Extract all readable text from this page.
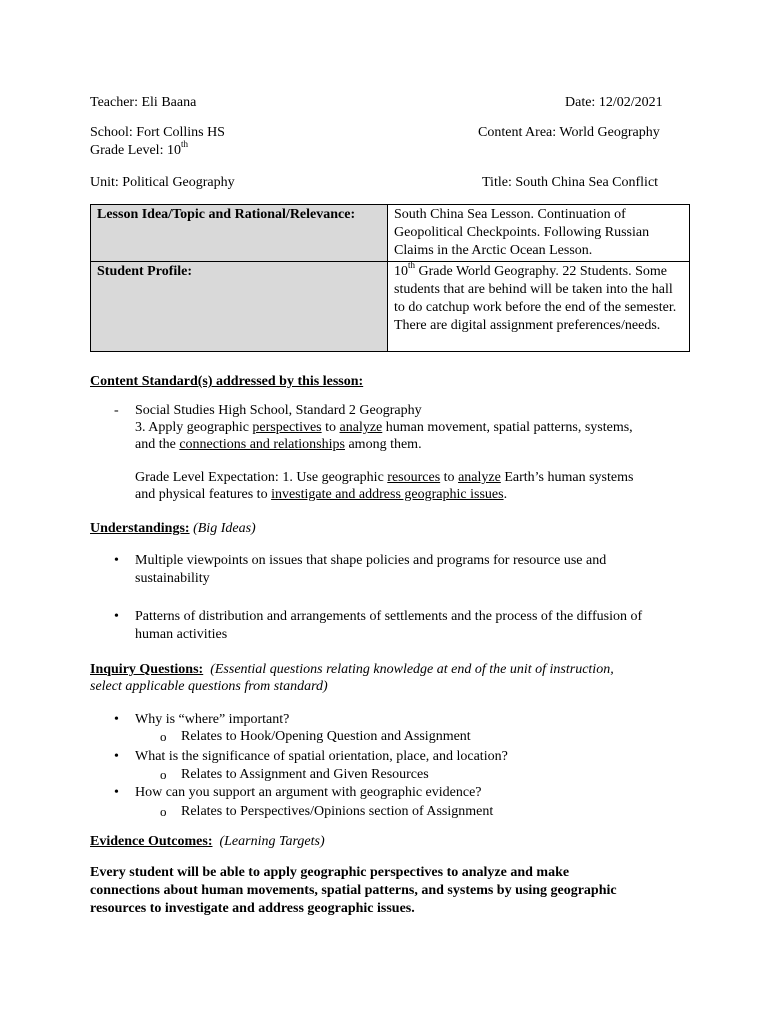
Teacher: Eli Baana	Date: 12/02/2021
School: Fort Collins HS	Content Area: World Geography
Grade Level: 10th
Unit: Political Geography	Title: South China Sea Conflict
Lesson Idea/Topic and Rational/Relevance:	South China Sea Lesson. Continuation of Geopolitical Checkpoints. Following Russian Claims in the Arctic Ocean Lesson.
Student Profile:	10th Grade World Geography. 22 Students. Some students that are behind will be taken into the hall to do catchup work before the end of the semester. There are digital assignment preferences/needs.
Content Standard(s) addressed by this lesson:
- Social Studies High School, Standard 2 Geography
3. Apply geographic perspectives to analyze human movement, spatial patterns, systems,
and the connections and relationships among them.
Grade Level Expectation: 1. Use geographic resources to analyze Earth’s human systems
and physical features to investigate and address geographic issues.
Understandings: (Big Ideas)
• Multiple viewpoints on issues that shape policies and programs for resource use and sustainability
• Patterns of distribution and arrangements of settlements and the process of the diffusion of human activities
Inquiry Questions: (Essential questions relating knowledge at end of the unit of instruction,
select applicable questions from standard)
• Why is “where” important?
o Relates to Hook/Opening Question and Assignment
• What is the significance of spatial orientation, place, and location?
o Relates to Assignment and Given Resources
• How can you support an argument with geographic evidence?
o Relates to Perspectives/Opinions section of Assignment
Evidence Outcomes: (Learning Targets)
Every student will be able to apply geographic perspectives to analyze and make
connections about human movements, spatial patterns, and systems by using geographic
resources to investigate and address geographic issues.
